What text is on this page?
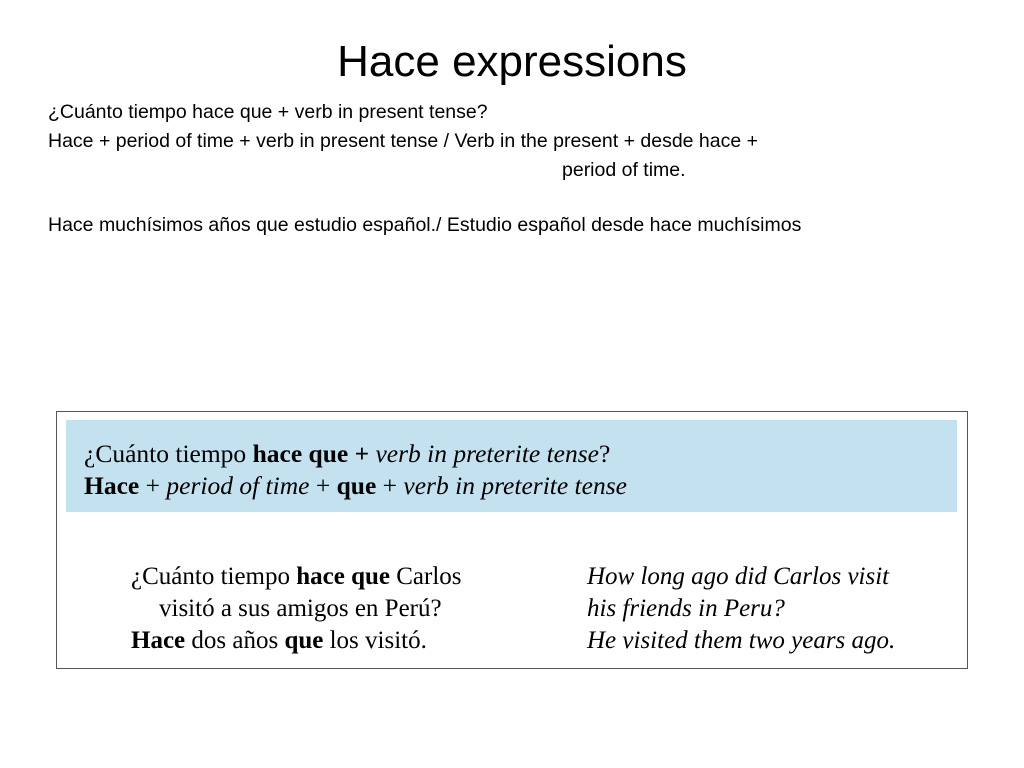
Hace expressions
¿Cuánto tiempo hace que + verb in present tense?
Hace + period of time + verb in present tense / Verb in the present + desde hace +
period of time.
Hace muchísimos años que estudio español./ Estudio español desde hace muchísimos
¿Cuánto tiempo hace que + verb in preterite tense?
Hace + period of time + que + verb in preterite tense
¿Cuánto tiempo hace que Carlos
visitó a sus amigos en Perú?
Hace dos años que los visitó.
How long ago did Carlos visit
his friends in Peru?
He visited them two years ago.
